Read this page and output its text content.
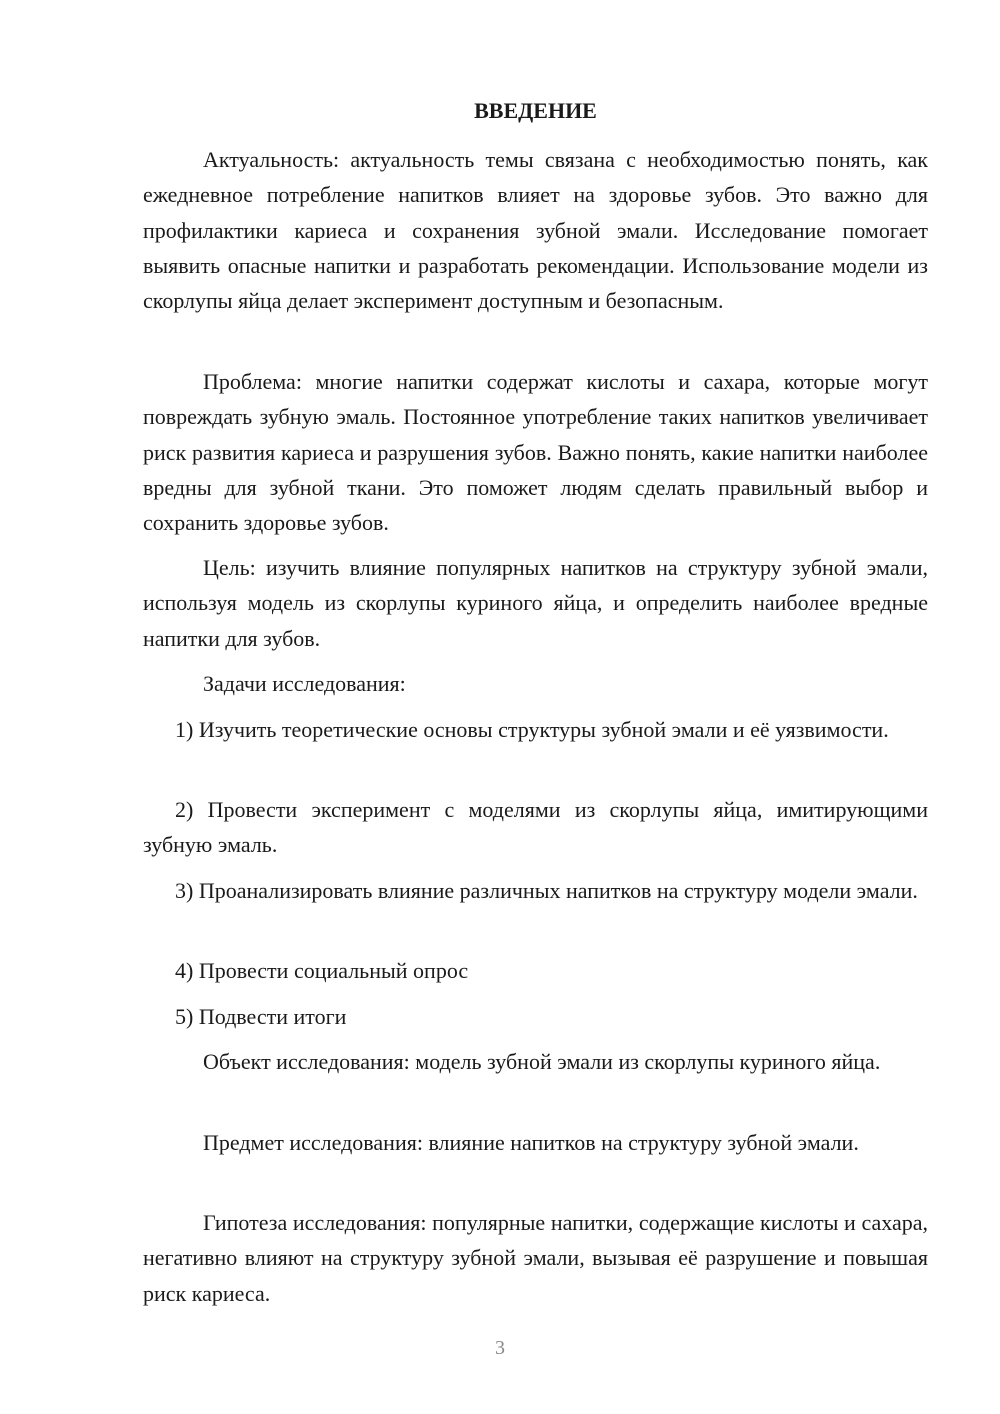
ВВЕДЕНИЕ

Актуальность: актуальность темы связана с необходимостью понять, как ежедневное потребление напитков влияет на здоровье зубов. Это важно для профилактики кариеса и сохранения зубной эмали. Исследование помогает выявить опасные напитки и разработать рекомендации. Использование модели из скорлупы яйца делает эксперимент доступным и безопасным.

Проблема: многие напитки содержат кислоты и сахара, которые могут повреждать зубную эмаль. Постоянное употребление таких напитков увеличивает риск развития кариеса и разрушения зубов. Важно понять, какие напитки наиболее вредны для зубной ткани. Это поможет людям сделать правильный выбор и сохранить здоровье зубов.

Цель: изучить влияние популярных напитков на структуру зубной эмали, используя модель из скорлупы куриного яйца, и определить наиболее вредные напитки для зубов.

Задачи исследования:

1) Изучить теоретические основы структуры зубной эмали и её уязвимости.

2) Провести эксперимент с моделями из скорлупы яйца, имитирующими зубную эмаль.

3) Проанализировать влияние различных напитков на структуру модели эмали.

4) Провести социальный опрос

5) Подвести итоги

Объект исследования: модель зубной эмали из скорлупы куриного яйца.

Предмет исследования: влияние напитков на структуру зубной эмали.

Гипотеза исследования: популярные напитки, содержащие кислоты и сахара, негативно влияют на структуру зубной эмали, вызывая её разрушение и повышая риск кариеса.

3
